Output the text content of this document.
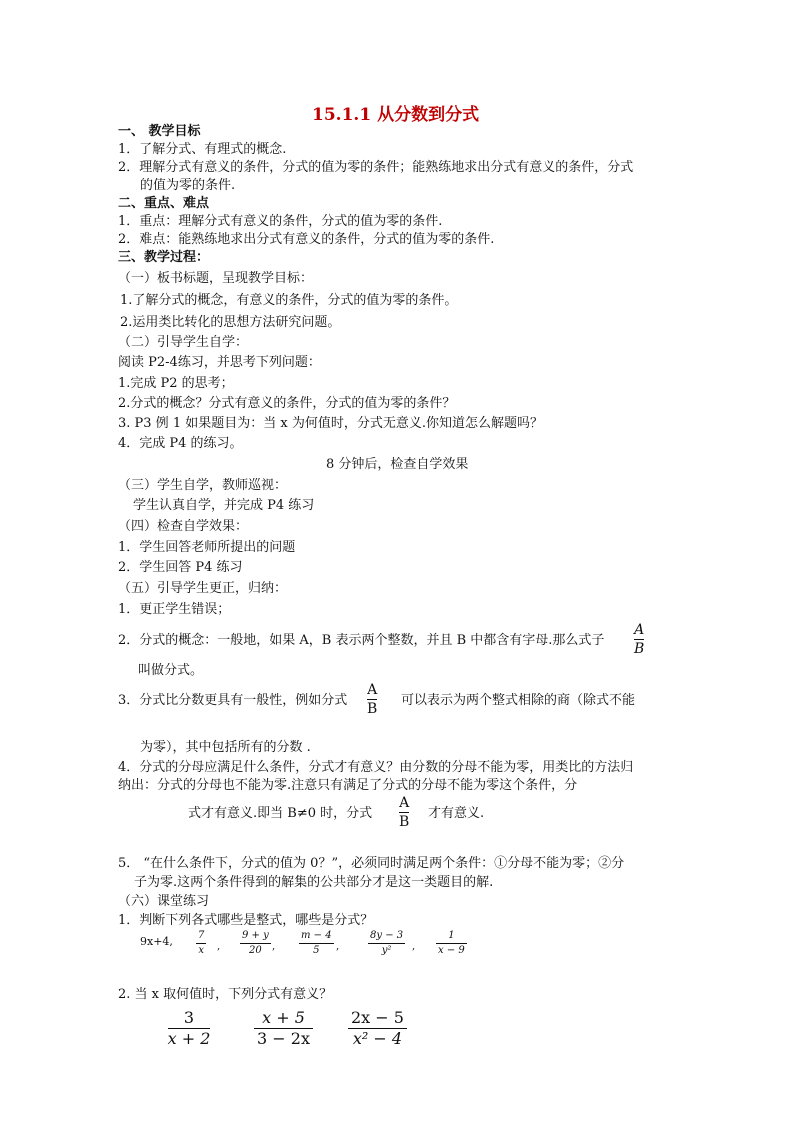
15.1.1 从分数到分式
一、 教学目标
1．了解分式、有理式的概念.
2．理解分式有意义的条件，分式的值为零的条件；能熟练地求出分式有意义的条件，分式
的值为零的条件.
二、重点、难点
1．重点：理解分式有意义的条件，分式的值为零的条件.
2．难点：能熟练地求出分式有意义的条件，分式的值为零的条件.
三、教学过程：
（一）板书标题，呈现教学目标：
1.了解分式的概念，有意义的条件，分式的值为零的条件。
2.运用类比转化的思想方法研究问题。
（二）引导学生自学：
阅读 P2-4练习，并思考下列问题：
1.完成 P2 的思考；
2.分式的概念？分式有意义的条件，分式的值为零的条件？
3. P3 例 1 如果题目为：当 x 为何值时，分式无意义.你知道怎么解题吗？
4．完成 P4 的练习。
8 分钟后，检查自学效果
（三）学生自学，教师巡视：
学生认真自学，并完成 P4 练习
（四）检查自学效果：
1．学生回答老师所提出的问题
2．学生回答 P4 练习
（五）引导学生更正，归纳：
1．更正学生错误；
2．分式的概念：一般地，如果 A，B 表示两个整数，并且 B 中都含有字母.那么式子
A
B
叫做分式。
3．分式比分数更具有一般性，例如分式
A
B
可以表示为两个整式相除的商（除式不能
为零），其中包括所有的分数 .
4．分式的分母应满足什么条件，分式才有意义？由分数的分母不能为零，用类比的方法归
纳出：分式的分母也不能为零.注意只有满足了分式的分母不能为零这个条件，分
式才有意义.即当 B≠0 时，分式
A
B
才有意义.
5． “在什么条件下，分式的值为 0？”，必须同时满足两个条件：①分母不能为零；②分
子为零.这两个条件得到的解集的公共部分才是这一类题目的解.
（六）课堂练习
1．判断下列各式哪些是整式，哪些是分式？
9x+4,	7
x ,
9 + y
20 ,
m − 4
5 ,
8y − 3
y² ,
1
x − 9
2. 当 x 取何值时，下列分式有意义？
3
x + 2
x + 5
3 − 2x
2x − 5
x² − 4
